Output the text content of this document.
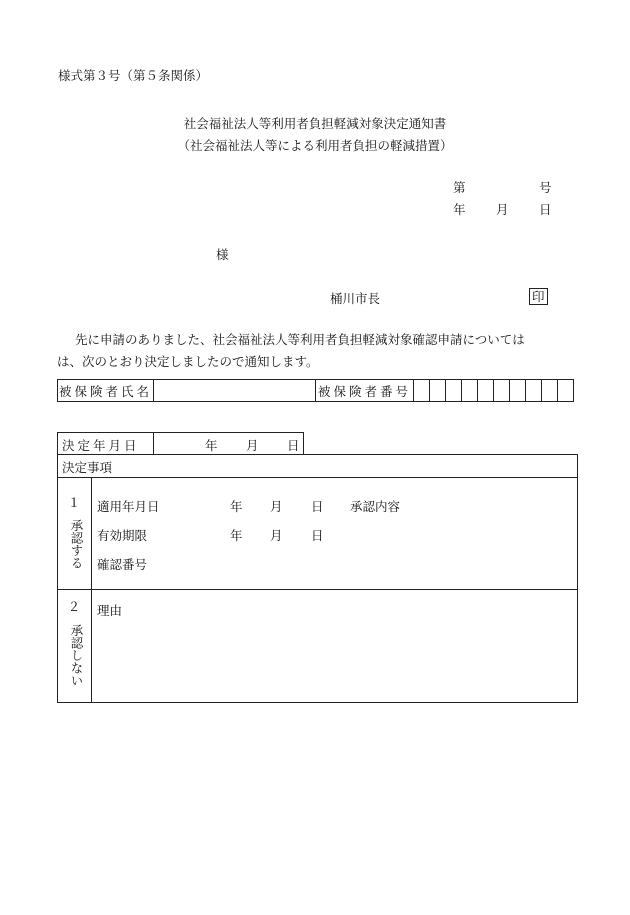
様式第３号（第５条関係）
社会福祉法人等利用者負担軽減対象決定通知書
（社会福祉法人等による利用者負担の軽減措置）
第	号
年 月 日
様
桶川市長	印
先に申請のありました、社会福祉法人等利用者負担軽減対象確認申請については
は、次のとおり決定しましたので通知します。
被保険者氏名		被保険者番号										
決定年月日	年 月 日
決定事項
１
承認する
適用年月日	年 月 日 承認内容
有効期限	年 月 日
確認番号
２
承認しない
理由
